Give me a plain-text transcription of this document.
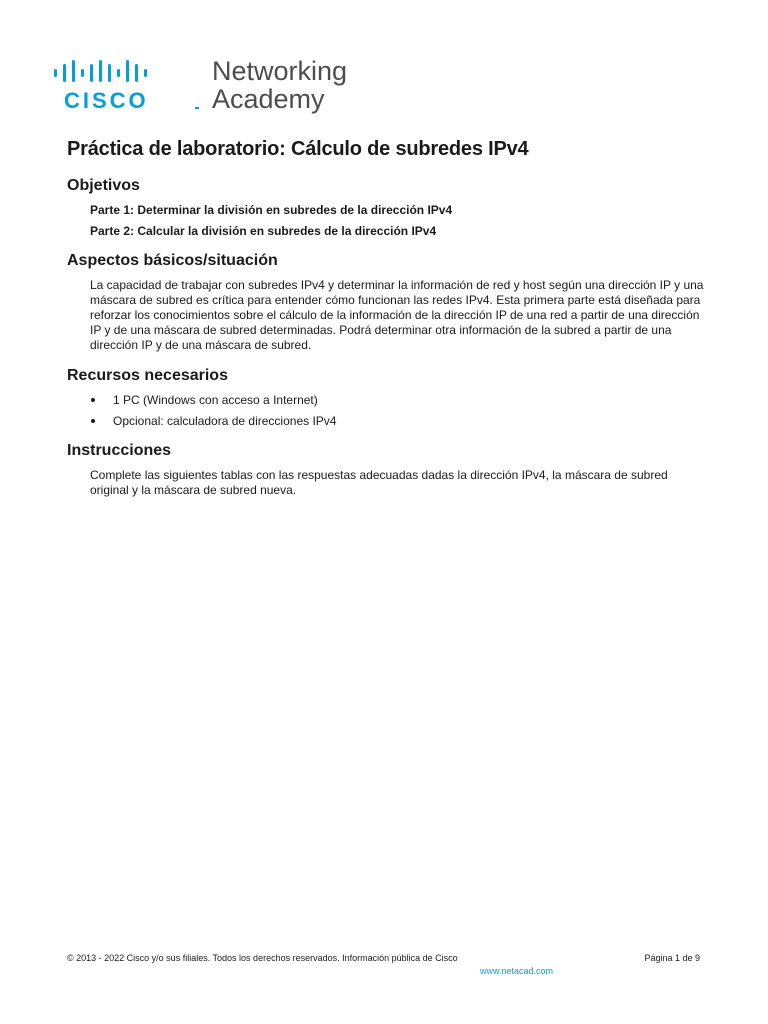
CISCO
Networking
Academy
Práctica de laboratorio: Cálculo de subredes IPv4
Objetivos

Parte 1: Determinar la división en subredes de la dirección IPv4

Parte 2: Calcular la división en subredes de la dirección IPv4

Aspectos básicos/situación

La capacidad de trabajar con subredes IPv4 y determinar la información de red y host según una dirección IP y una máscara de subred es crítica para entender cómo funcionan las redes IPv4. Esta primera parte está diseñada para reforzar los conocimientos sobre el cálculo de la información de la dirección IP de una red a partir de una dirección IP y de una máscara de subred determinadas. Podrá determinar otra información de la subred a partir de una dirección IP y de una máscara de subred.

Recursos necesarios
1 PC (Windows con acceso a Internet)
Opcional: calculadora de direcciones IPv4
Instrucciones

Complete las siguientes tablas con las respuestas adecuadas dadas la dirección IPv4, la máscara de subred original y la máscara de subred nueva.

© 2013 - 2022 Cisco y/o sus filiales. Todos los derechos reservados. Información pública de Cisco	Página 1 de 9
www.netacad.com
